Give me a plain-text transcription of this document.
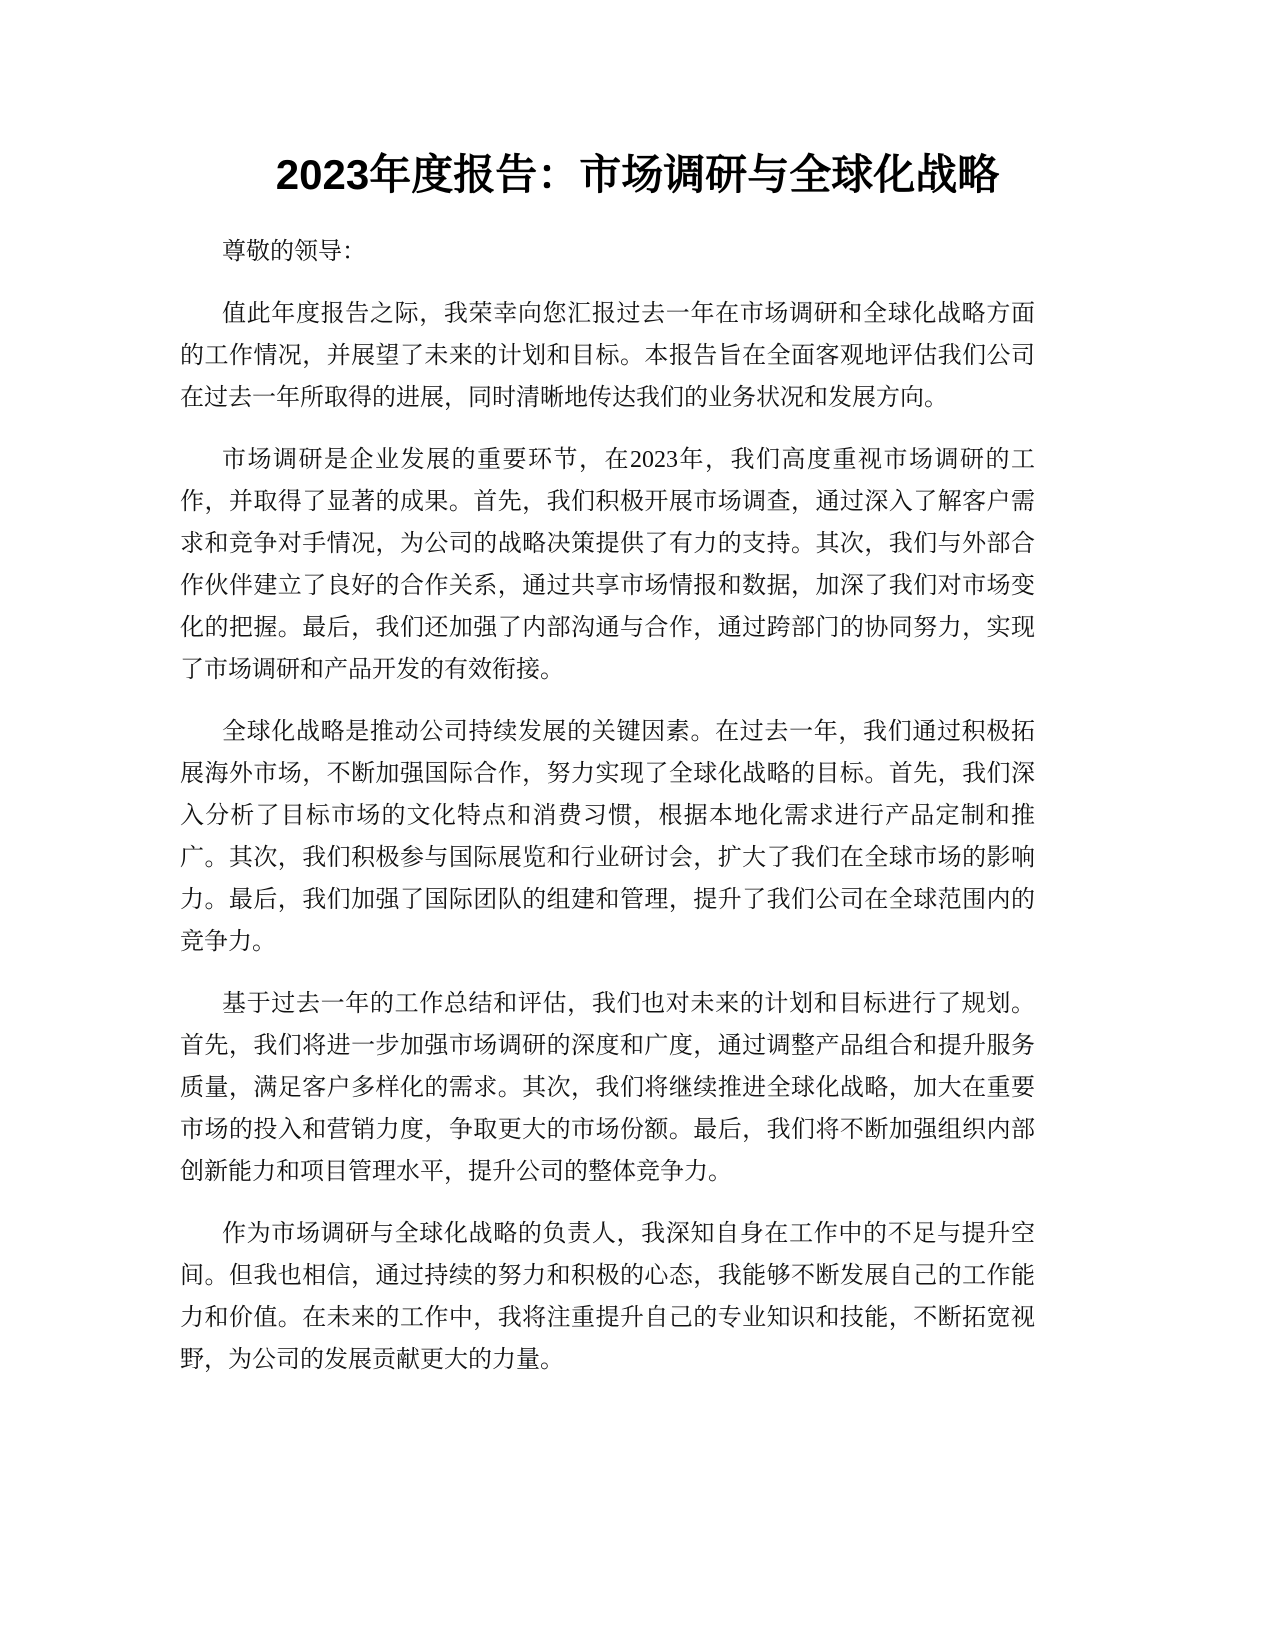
2023年度报告：市场调研与全球化战略

尊敬的领导：

值此年度报告之际，我荣幸向您汇报过去一年在市场调研和全球化战略方面的工作情况，并展望了未来的计划和目标。本报告旨在全面客观地评估我们公司在过去一年所取得的进展，同时清晰地传达我们的业务状况和发展方向。

市场调研是企业发展的重要环节，在2023年，我们高度重视市场调研的工作，并取得了显著的成果。首先，我们积极开展市场调查，通过深入了解客户需求和竞争对手情况，为公司的战略决策提供了有力的支持。其次，我们与外部合作伙伴建立了良好的合作关系，通过共享市场情报和数据，加深了我们对市场变化的把握。最后，我们还加强了内部沟通与合作，通过跨部门的协同努力，实现了市场调研和产品开发的有效衔接。

全球化战略是推动公司持续发展的关键因素。在过去一年，我们通过积极拓展海外市场，不断加强国际合作，努力实现了全球化战略的目标。首先，我们深入分析了目标市场的文化特点和消费习惯，根据本地化需求进行产品定制和推广。其次，我们积极参与国际展览和行业研讨会，扩大了我们在全球市场的影响力。最后，我们加强了国际团队的组建和管理，提升了我们公司在全球范围内的竞争力。

基于过去一年的工作总结和评估，我们也对未来的计划和目标进行了规划。首先，我们将进一步加强市场调研的深度和广度，通过调整产品组合和提升服务质量，满足客户多样化的需求。其次，我们将继续推进全球化战略，加大在重要市场的投入和营销力度，争取更大的市场份额。最后，我们将不断加强组织内部创新能力和项目管理水平，提升公司的整体竞争力。

作为市场调研与全球化战略的负责人，我深知自身在工作中的不足与提升空间。但我也相信，通过持续的努力和积极的心态，我能够不断发展自己的工作能力和价值。在未来的工作中，我将注重提升自己的专业知识和技能，不断拓宽视野，为公司的发展贡献更大的力量。
